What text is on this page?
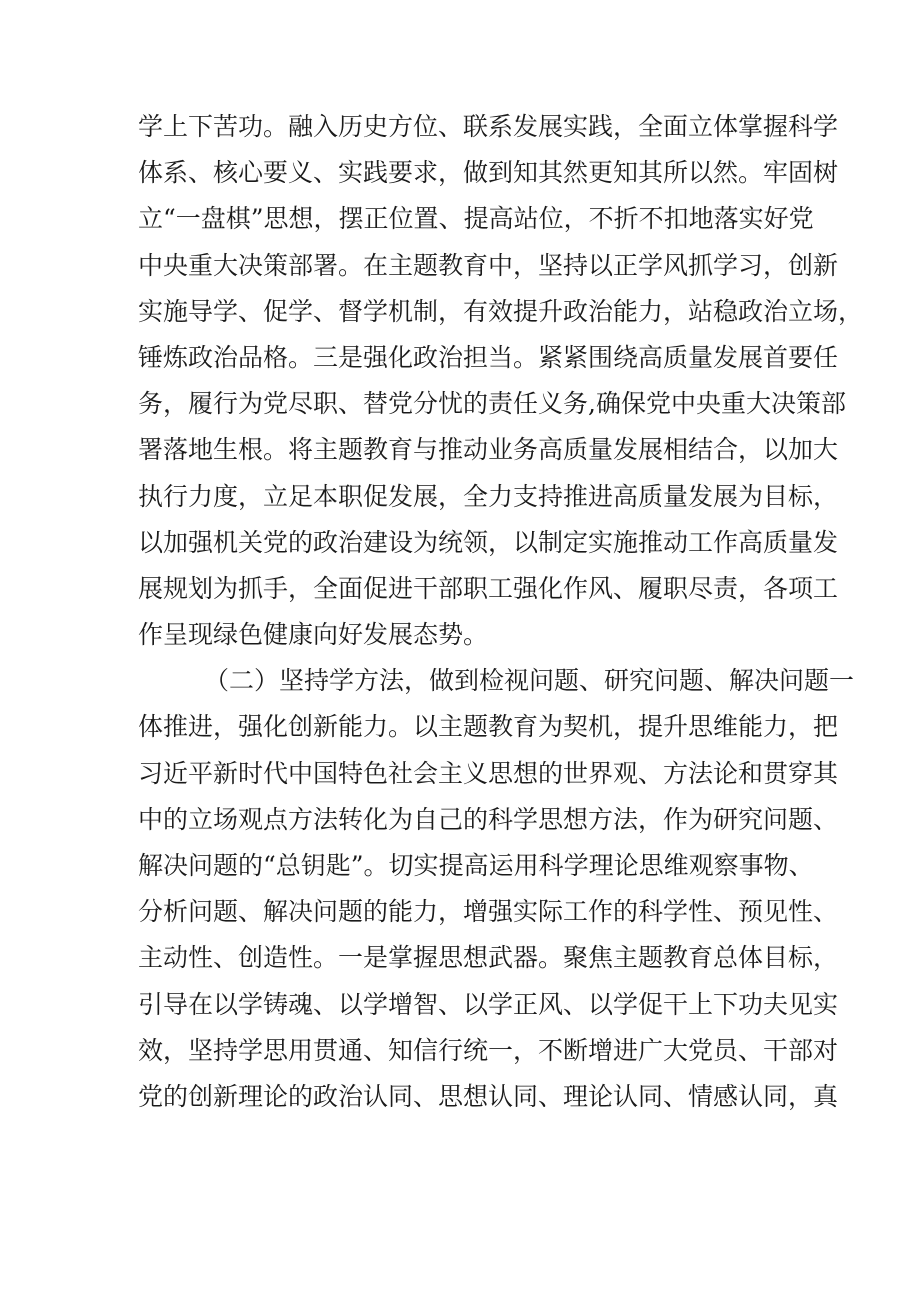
学上下苦功。融入历史方位、联系发展实践，全面立体掌握科学
体系、核心要义、实践要求，做到知其然更知其所以然。牢固树
立“一盘棋”思想，摆正位置、提高站位，不折不扣地落实好党
中央重大决策部署。在主题教育中，坚持以正学风抓学习，创新
实施导学、促学、督学机制，有效提升政治能力，站稳政治立场，
锤炼政治品格。三是强化政治担当。紧紧围绕高质量发展首要任
务，履行为党尽职、替党分忧的责任义务,确保党中央重大决策部
署落地生根。将主题教育与推动业务高质量发展相结合，以加大
执行力度，立足本职促发展，全力支持推进高质量发展为目标，
以加强机关党的政治建设为统领，以制定实施推动工作高质量发
展规划为抓手，全面促进干部职工强化作风、履职尽责，各项工
作呈现绿色健康向好发展态势。
（二）坚持学方法，做到检视问题、研究问题、解决问题一
体推进，强化创新能力。以主题教育为契机，提升思维能力，把
习近平新时代中国特色社会主义思想的世界观、方法论和贯穿其
中的立场观点方法转化为自己的科学思想方法，作为研究问题、
解决问题的“总钥匙”。切实提高运用科学理论思维观察事物、
分析问题、解决问题的能力，增强实际工作的科学性、预见性、
主动性、创造性。一是掌握思想武器。聚焦主题教育总体目标，
引导在以学铸魂、以学增智、以学正风、以学促干上下功夫见实
效，坚持学思用贯通、知信行统一，不断增进广大党员、干部对
党的创新理论的政治认同、思想认同、理论认同、情感认同，真
